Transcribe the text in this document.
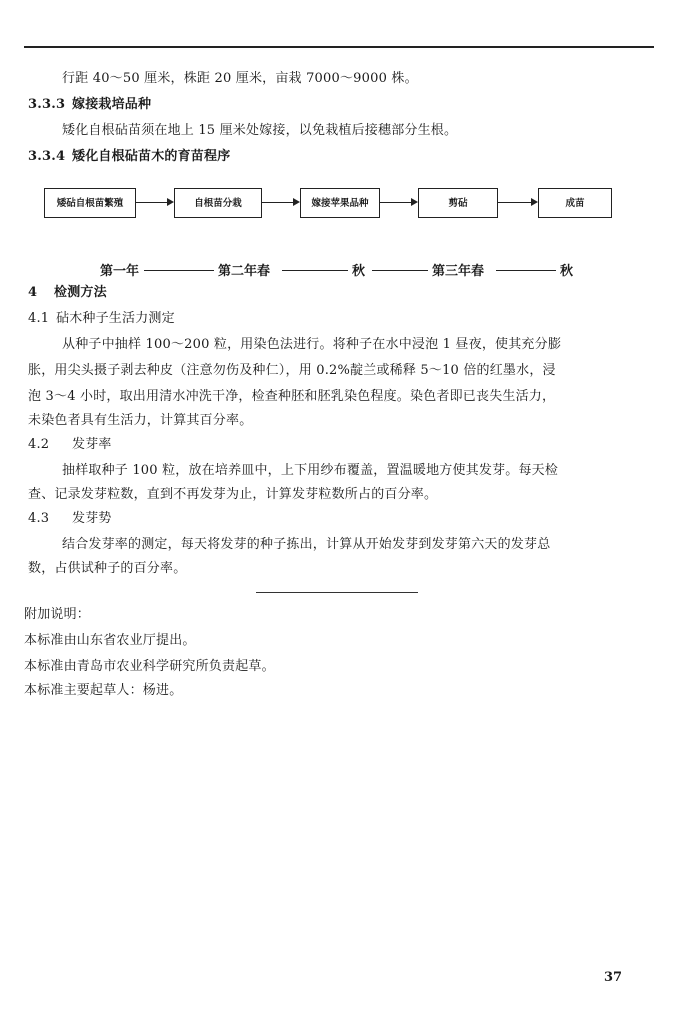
行距 40～50 厘米，株距 20 厘米，亩栽 7000～9000 株。
3.3.3 嫁接栽培品种
矮化自根砧苗须在地上 15 厘米处嫁接，以免栽植后接穗部分生根。
3.3.4 矮化自根砧苗木的育苗程序
矮砧自根苗繁殖	自根苗分栽	嫁接苹果品种	剪砧	成苗
第一年	第二年春	秋	第三年春	秋
4 检测方法
4.1 砧木种子生活力测定
从种子中抽样 100～200 粒，用染色法进行。将种子在水中浸泡 1 昼夜，使其充分膨
胀，用尖头摄子剥去种皮（注意勿伤及种仁），用 0.2%靛兰或稀释 5～10 倍的红墨水，浸
泡 3～4 小时，取出用清水冲洗干净，检查种胚和胚乳染色程度。染色者即已丧失生活力，
未染色者具有生活力，计算其百分率。
4.2 发芽率
抽样取种子 100 粒，放在培养皿中，上下用纱布覆盖，置温暖地方使其发芽。每天检
查、记录发芽粒数，直到不再发芽为止，计算发芽粒数所占的百分率。
4.3 发芽势
结合发芽率的测定，每天将发芽的种子拣出，计算从开始发芽到发芽第六天的发芽总
数，占供试种子的百分率。
附加说明：
本标准由山东省农业厅提出。
本标准由青岛市农业科学研究所负责起草。
本标准主要起草人：杨进。
37
